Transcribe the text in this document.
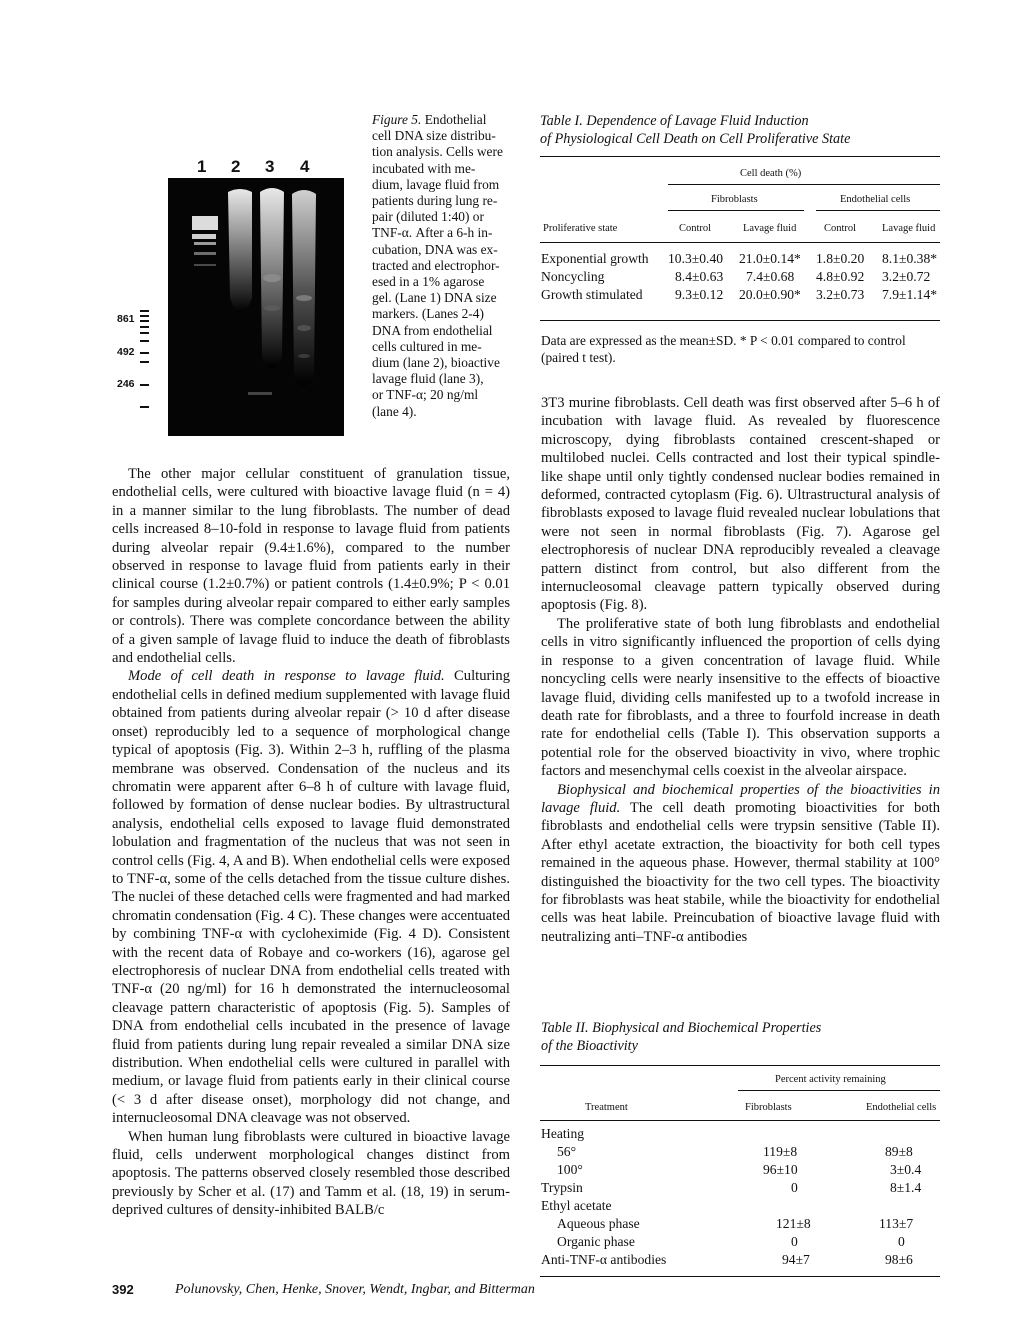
1 2 3 4
861
492
246
Figure 5. Endothelial
cell DNA size distribu-
tion analysis. Cells were
incubated with me-
dium, lavage fluid from
patients during lung re-
pair (diluted 1:40) or
TNF-α. After a 6-h in-
cubation, DNA was ex-
tracted and electrophor-
esed in a 1% agarose
gel. (Lane 1) DNA size
markers. (Lanes 2-4)
DNA from endothelial
cells cultured in me-
dium (lane 2), bioactive
lavage fluid (lane 3),
or TNF-α; 20 ng/ml
(lane 4).

The other major cellular constituent of granulation tissue, endothelial cells, were cultured with bioactive lavage fluid (n = 4) in a manner similar to the lung fibroblasts. The number of dead cells increased 8–10-fold in response to lavage fluid from patients during alveolar repair (9.4±1.6%), compared to the number observed in response to lavage fluid from patients early in their clinical course (1.2±0.7%) or patient controls (1.4±0.9%; P < 0.01 for samples during alveolar repair compared to either early samples or controls). There was complete concordance between the ability of a given sample of lavage fluid to induce the death of fibroblasts and endothelial cells.

Mode of cell death in response to lavage fluid. Culturing endothelial cells in defined medium supplemented with lavage fluid obtained from patients during alveolar repair (> 10 d after disease onset) reproducibly led to a sequence of morphological change typical of apoptosis (Fig. 3). Within 2–3 h, ruffling of the plasma membrane was observed. Condensation of the nucleus and its chromatin were apparent after 6–8 h of culture with lavage fluid, followed by formation of dense nuclear bodies. By ultrastructural analysis, endothelial cells exposed to lavage fluid demonstrated lobulation and fragmentation of the nucleus that was not seen in control cells (Fig. 4, A and B). When endothelial cells were exposed to TNF-α, some of the cells detached from the tissue culture dishes. The nuclei of these detached cells were fragmented and had marked chromatin condensation (Fig. 4 C). These changes were accentuated by combining TNF-α with cycloheximide (Fig. 4 D). Consistent with the recent data of Robaye and co-workers (16), agarose gel electrophoresis of nuclear DNA from endothelial cells treated with TNF-α (20 ng/ml) for 16 h demonstrated the internucleosomal cleavage pattern characteristic of apoptosis (Fig. 5). Samples of DNA from endothelial cells incubated in the presence of lavage fluid from patients during lung repair revealed a similar DNA size distribution. When endothelial cells were cultured in parallel with medium, or lavage fluid from patients early in their clinical course (< 3 d after disease onset), morphology did not change, and internucleosomal DNA cleavage was not observed.

When human lung fibroblasts were cultured in bioactive lavage fluid, cells underwent morphological changes distinct from apoptosis. The patterns observed closely resembled those described previously by Scher et al. (17) and Tamm et al. (18, 19) in serum-deprived cultures of density-inhibited BALB/c

Table I. Dependence of Lavage Fluid Induction
of Physiological Cell Death on Cell Proliferative State
Cell death (%)
Fibroblasts	Endothelial cells
Proliferative state	Control	Lavage fluid	Control Lavage fluid
Exponential growth 10.3±0.40 21.0±0.14* 1.8±0.20 8.1±0.38*
Noncycling	8.4±0.63 7.4±0.68 4.8±0.92 3.2±0.72
Growth stimulated 9.3±0.12 20.0±0.90* 3.2±0.73 7.9±1.14*
Data are expressed as the mean±SD. * P < 0.01 compared to control
(paired t test).

3T3 murine fibroblasts. Cell death was first observed after 5–6 h of incubation with lavage fluid. As revealed by fluorescence microscopy, dying fibroblasts contained crescent-shaped or multilobed nuclei. Cells contracted and lost their typical spindle-like shape until only tightly condensed nuclear bodies remained in deformed, contracted cytoplasm (Fig. 6). Ultrastructural analysis of fibroblasts exposed to lavage fluid revealed nuclear lobulations that were not seen in normal fibroblasts (Fig. 7). Agarose gel electrophoresis of nuclear DNA reproducibly revealed a cleavage pattern distinct from control, but also different from the internucleosomal cleavage pattern typically observed during apoptosis (Fig. 8).

The proliferative state of both lung fibroblasts and endothelial cells in vitro significantly influenced the proportion of cells dying in response to a given concentration of lavage fluid. While noncycling cells were nearly insensitive to the effects of bioactive lavage fluid, dividing cells manifested up to a twofold increase in death rate for fibroblasts, and a three to fourfold increase in death rate for endothelial cells (Table I). This observation supports a potential role for the observed bioactivity in vivo, where trophic factors and mesenchymal cells coexist in the alveolar airspace.

Biophysical and biochemical properties of the bioactivities in lavage fluid. The cell death promoting bioactivities for both fibroblasts and endothelial cells were trypsin sensitive (Table II). After ethyl acetate extraction, the bioactivity for both cell types remained in the aqueous phase. However, thermal stability at 100° distinguished the bioactivity for the two cell types. The bioactivity for fibroblasts was heat stabile, while the bioactivity for endothelial cells was heat labile. Preincubation of bioactive lavage fluid with neutralizing anti–TNF-α antibodies

Table II. Biophysical and Biochemical Properties
of the Bioactivity
Percent activity remaining
Treatment	Fibroblasts	Endothelial cells
Heating
56°	119±8	89±8
100°	96±10	3±0.4
Trypsin	0	8±1.4
Ethyl acetate
Aqueous phase	121±8	113±7
Organic phase	0	0
Anti-TNF-α antibodies	94±7	98±6
392	Polunovsky, Chen, Henke, Snover, Wendt, Ingbar, and Bitterman
